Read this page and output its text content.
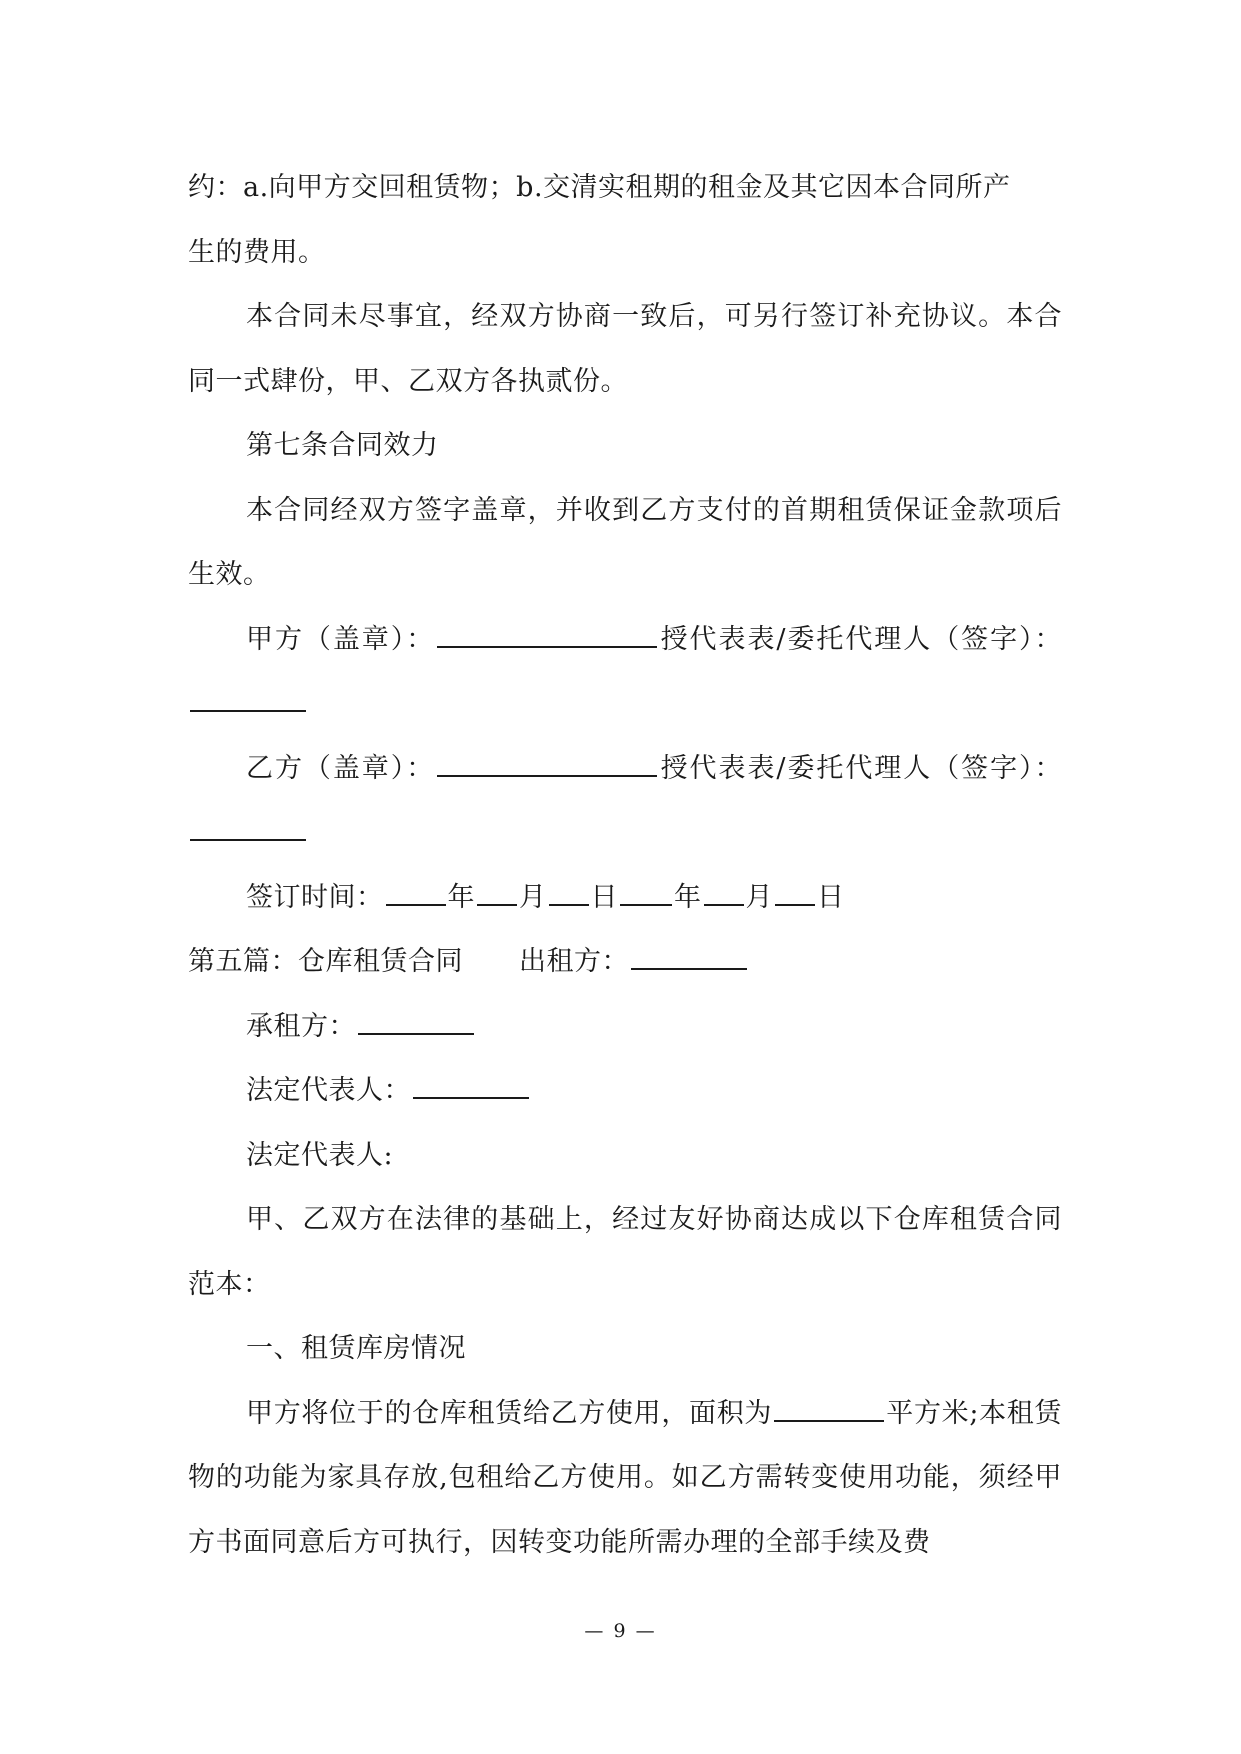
约：a.向甲方交回租赁物；b.交清实租期的租金及其它因本合同所产

生的费用。

本合同未尽事宜，经双方协商一致后，可另行签订补充协议。本合同一式肆份，甲、乙双方各执贰份。

第七条合同效力

本合同经双方签字盖章，并收到乙方支付的首期租赁保证金款项后生效。

甲方（盖章）：	授代表表/委托代理人（签字）：

乙方（盖章）：	授代表表/委托代理人（签字）：

签订时间： 年 月 日 年 月 日

第五篇：仓库租赁合同 出租方：

承租方：

法定代表人：

法定代表人:

甲、乙双方在法律的基础上，经过友好协商达成以下仓库租赁合同范本：

一、租赁库房情况

甲方将位于的仓库租赁给乙方使用，面积为	平方米;本租赁物的功能为家具存放,包租给乙方使用。如乙方需转变使用功能，须经甲方书面同意后方可执行，因转变功能所需办理的全部手续及费

— 9 —
